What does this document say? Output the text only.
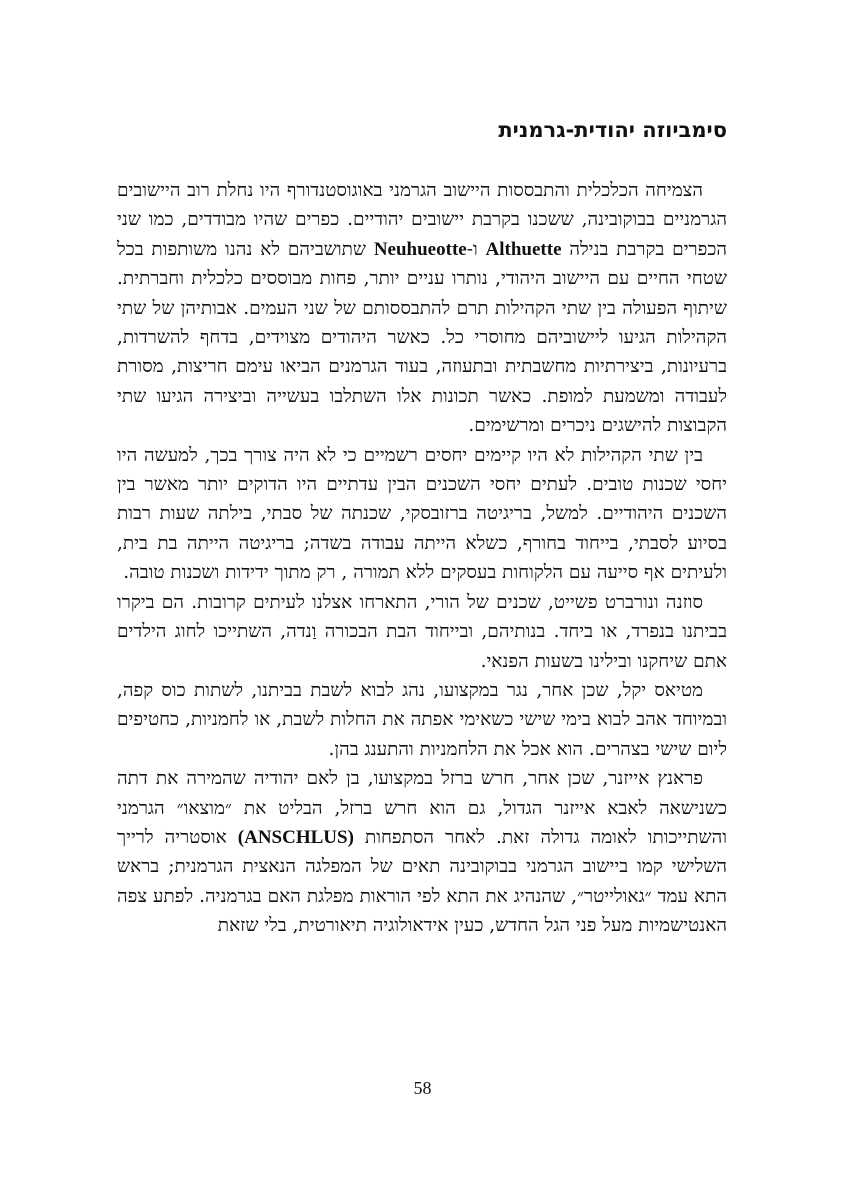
סימביוזה יהודית-גרמנית

הצמיחה הכלכלית והתבססות היישוב הגרמני באוגוסטנדורף היו נחלת רוב היישובים הגרמניים בבוקובינה, ששכנו בקרבת יישובים יהודיים. כפרים שהיו מבודדים, כמו שני הכפרים בקרבת בנילה Althuette ו-Neuhueotte שתושביהם לא נהנו משותפות בכל שטחי החיים עם היישוב היהודי, נותרו עניים יותר, פחות מבוססים כלכלית וחברתית. שיתוף הפעולה בין שתי הקהילות תרם להתבססותם של שני העמים. אבותיהן של שתי הקהילות הגיעו ליישוביהם מחוסרי כל. כאשר היהודים מצוידים, בדחף להשרדות, ברעיונות, ביצירתיות מחשבתית ובתעוזה, בעוד הגרמנים הביאו עימם חריצות, מסורת לעבודה ומשמעת למופת. כאשר תכונות אלו השתלבו בעשייה וביצירה הגיעו שתי הקבוצות להישגים ניכרים ומרשימים.

בין שתי הקהילות לא היו קיימים יחסים רשמיים כי לא היה צורך בכך, למעשה היו יחסי שכנות טובים. לעתים יחסי השכנים הבין עדתיים היו הדוקים יותר מאשר בין השכנים היהודיים. למשל, בריגיטה ברזובסקי, שכנתה של סבתי, בילתה שעות רבות בסיוע לסבתי, בייחוד בחורף, כשלא הייתה עבודה בשדה; בריגיטה הייתה בת בית, ולעיתים אף סייעה עם הלקוחות בעסקים ללא תמורה , רק מתוך ידידות ושכנות טובה.

סוזנה ונורברט פשייט, שכנים של הורי, התארחו אצלנו לעיתים קרובות. הם ביקרו בביתנו בנפרד, או ביחד. בנותיהם, ובייחוד הבת הבכורה וַנדה, השתייכו לחוג הילדים אתם שיחקנו ובילינו בשעות הפנאי.

מטיאס יקל, שכן אחר, נגר במקצועו, נהג לבוא לשבת בביתנו, לשתות כוס קפה, ובמיוחד אהב לבוא בימי שישי כשאימי אפתה את החלות לשבת, או לחמניות, כחטיפים ליום שישי בצהרים. הוא אכל את הלחמניות והתענג בהן.

פראנץ אייזנר, שכן אחר, חרש ברזל במקצועו, בן לאם יהודיה שהמירה את דתה כשנישאה לאבא אייזנר הגדול, גם הוא חרש ברזל, הבליט את ״מוצאו״ הגרמני והשתייכותו לאומה גדולה זאת. לאחר הסתפחות (ANSCHLUS) אוסטריה לרייך השלישי קמו ביישוב הגרמני בבוקובינה תאים של המפלגה הנאצית הגרמנית; בראש התא עמד ״גאולייטר״, שהנהיג את התא לפי הוראות מפלגת האם בגרמניה. לפתע צפה האנטישמיות מעל פני הגל החדש, כעין אידאולוגיה תיאורטית, בלי שזאת

58
